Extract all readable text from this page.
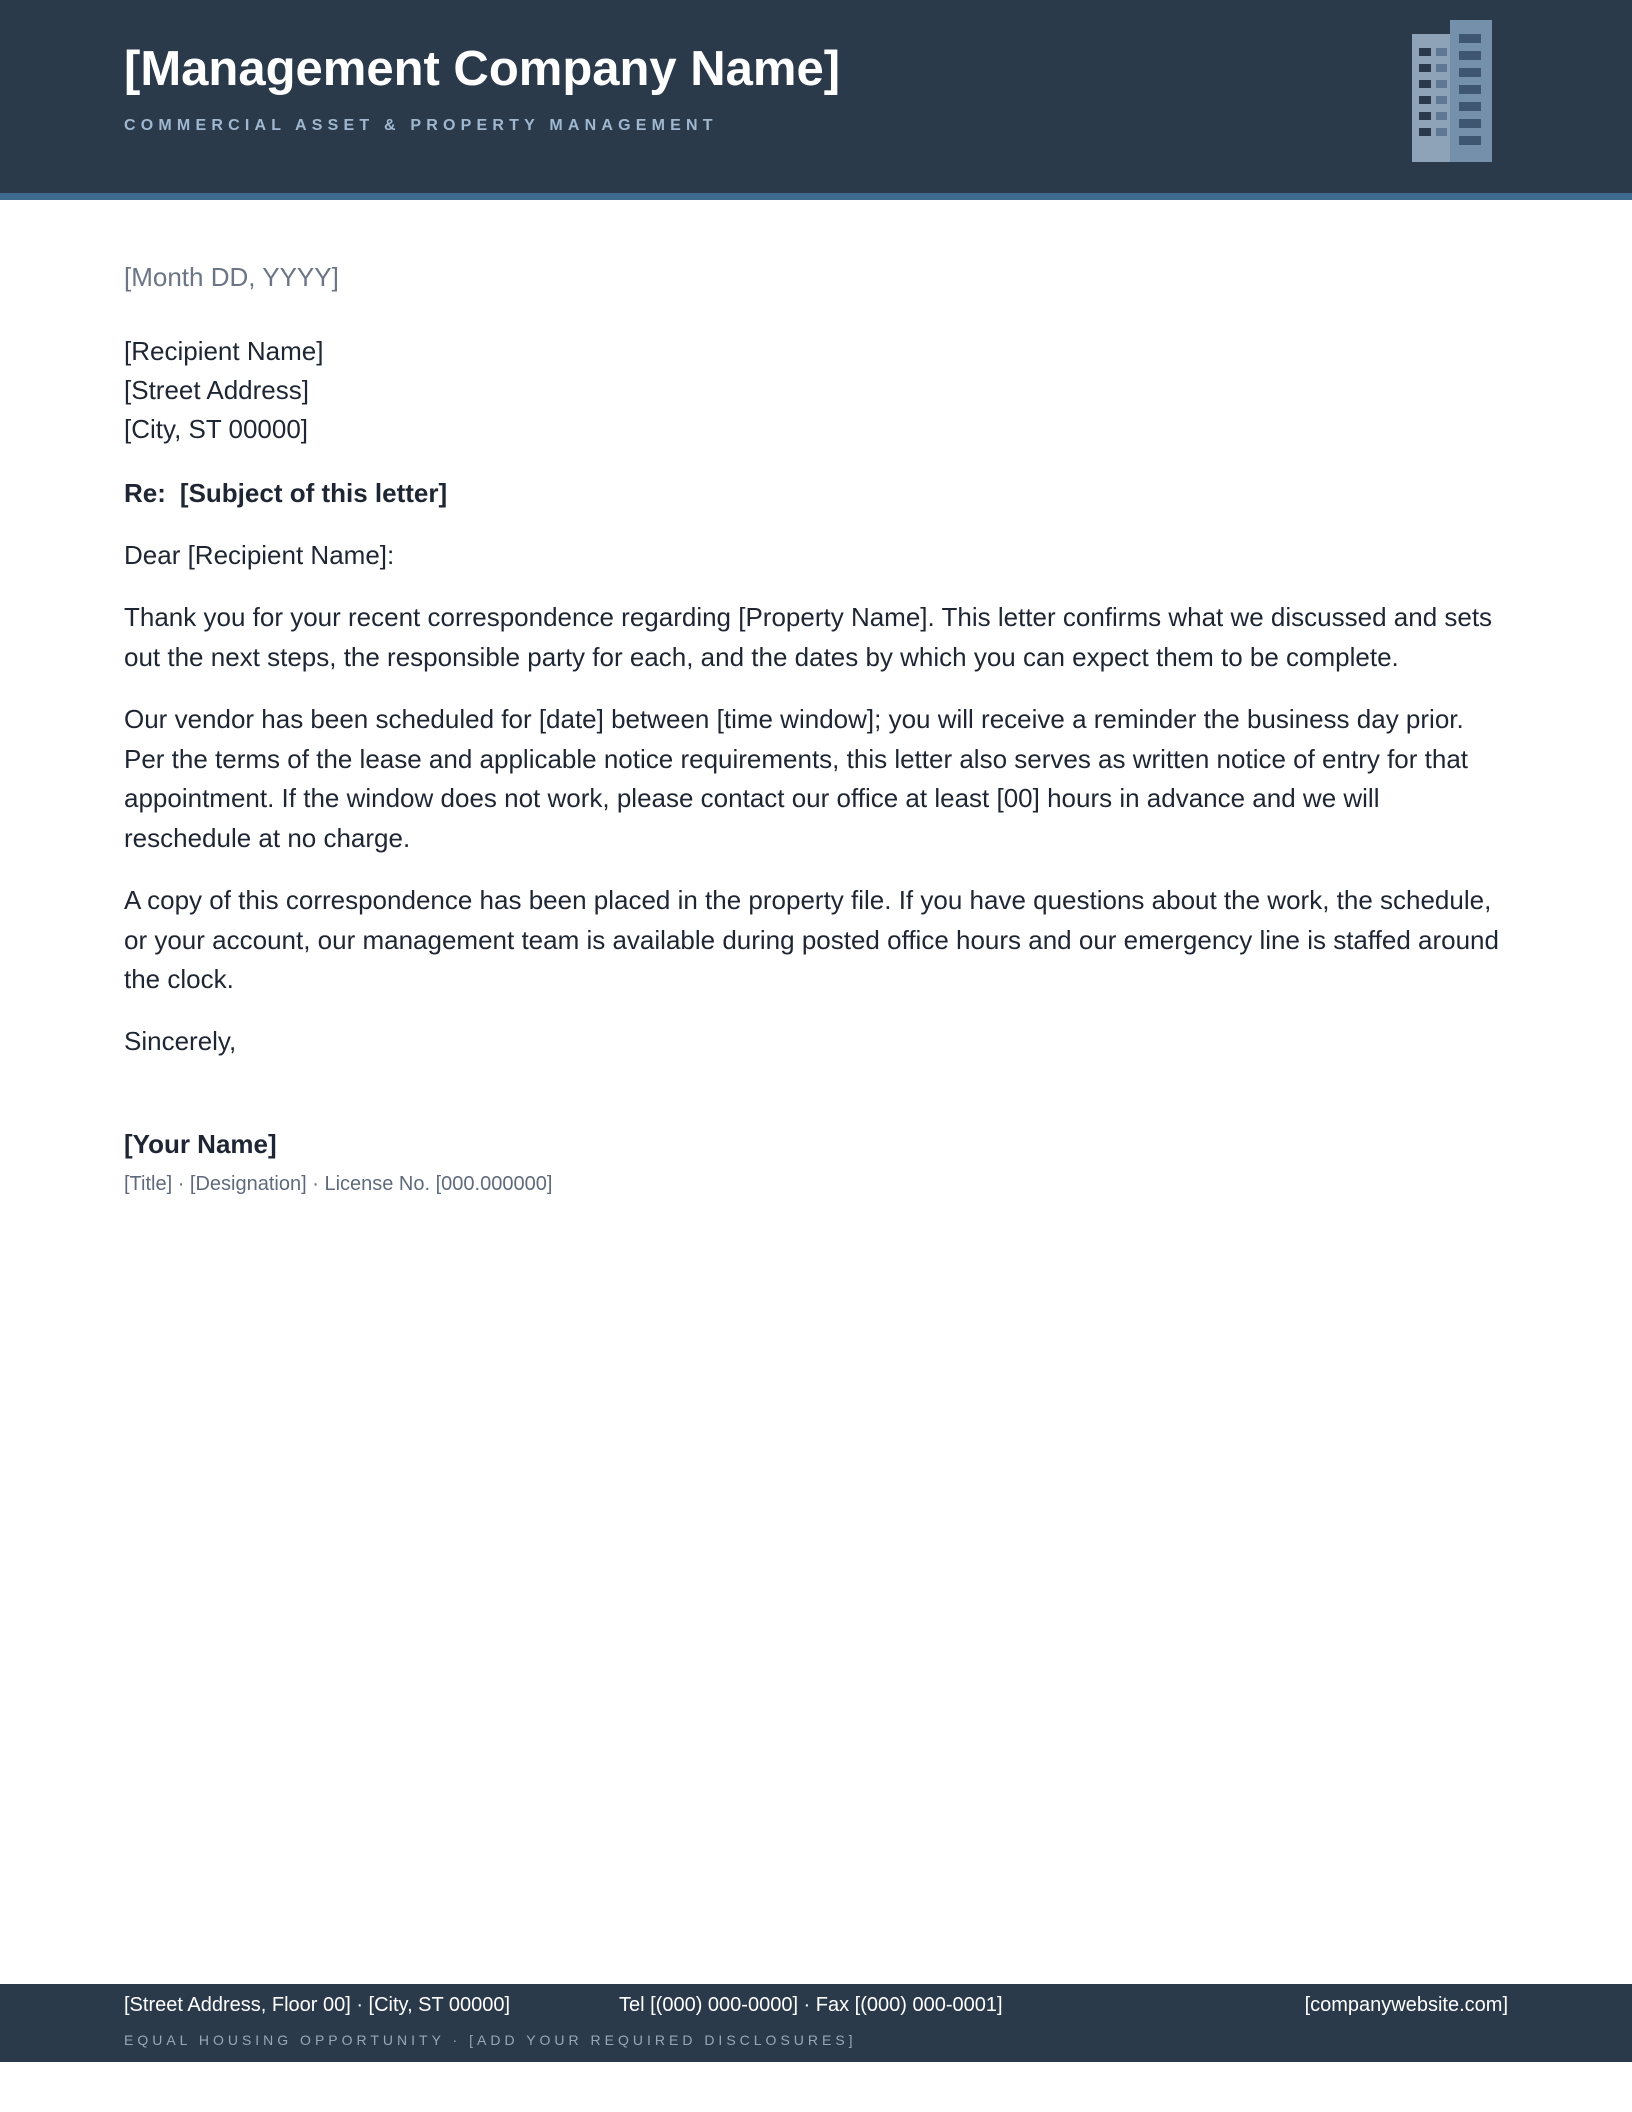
[Management Company Name]
COMMERCIAL ASSET & PROPERTY MANAGEMENT
[Month DD, YYYY]
[Recipient Name]
[Street Address]
[City, ST 00000]
Re: [Subject of this letter]
Dear [Recipient Name]:

Thank you for your recent correspondence regarding [Property Name]. This letter confirms what we discussed and sets out the next steps, the responsible party for each, and the dates by which you can expect them to be complete.

Our vendor has been scheduled for [date] between [time window]; you will receive a reminder the business day prior. Per the terms of the lease and applicable notice requirements, this letter also serves as written notice of entry for that appointment. If the window does not work, please contact our office at least [00] hours in advance and we will reschedule at no charge.

A copy of this correspondence has been placed in the property file. If you have questions about the work, the schedule, or your account, our management team is available during posted office hours and our emergency line is staffed around the clock.

Sincerely,
[Your Name]
[Title] · [Designation] · License No. [000.000000]
[Street Address, Floor 00] · [City, ST 00000]	Tel [(000) 000-0000] · Fax [(000) 000-0001]	[companywebsite.com]
EQUAL HOUSING OPPORTUNITY · [ADD YOUR REQUIRED DISCLOSURES]
